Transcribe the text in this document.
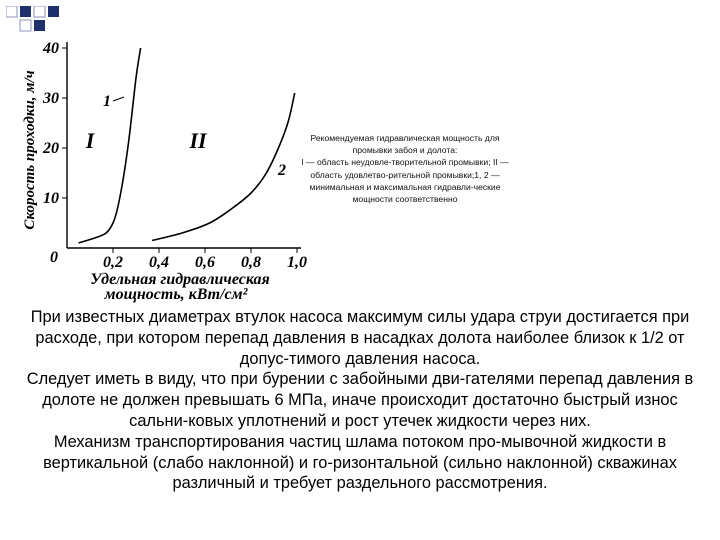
0,2 0,4 0,6 0,8 1,0
10
20
30
40
Скорость проходки, м/ч
Удельная гидравлическая
мощность, кВт/см²
0
I	II
1
2
Рекомендуемая гидравлическая мощность для промывки забоя и долота:
I — область неудовле-творительной промывки; II — область удовлетво-рительной промывки;1, 2 — минимальная и максимальная гидравли-ческие мощности соответственно

При известных диаметрах втулок насоса максимум силы удара струи достигается при расходе, при котором перепад давления в насадках долота наиболее близок к 1/2 от допус-тимого давления насоса.

Следует иметь в виду, что при бурении с забойными дви-гателями перепад давления в долоте не должен превышать 6 МПа, иначе происходит достаточно быстрый износ сальни-ковых уплотнений и рост утечек жидкости через них.

Механизм транспортирования частиц шлама потоком про-мывочной жидкости в вертикальной (слабо наклонной) и го-ризонтальной (сильно наклонной) скважинах различный и требует раздельного рассмотрения.
